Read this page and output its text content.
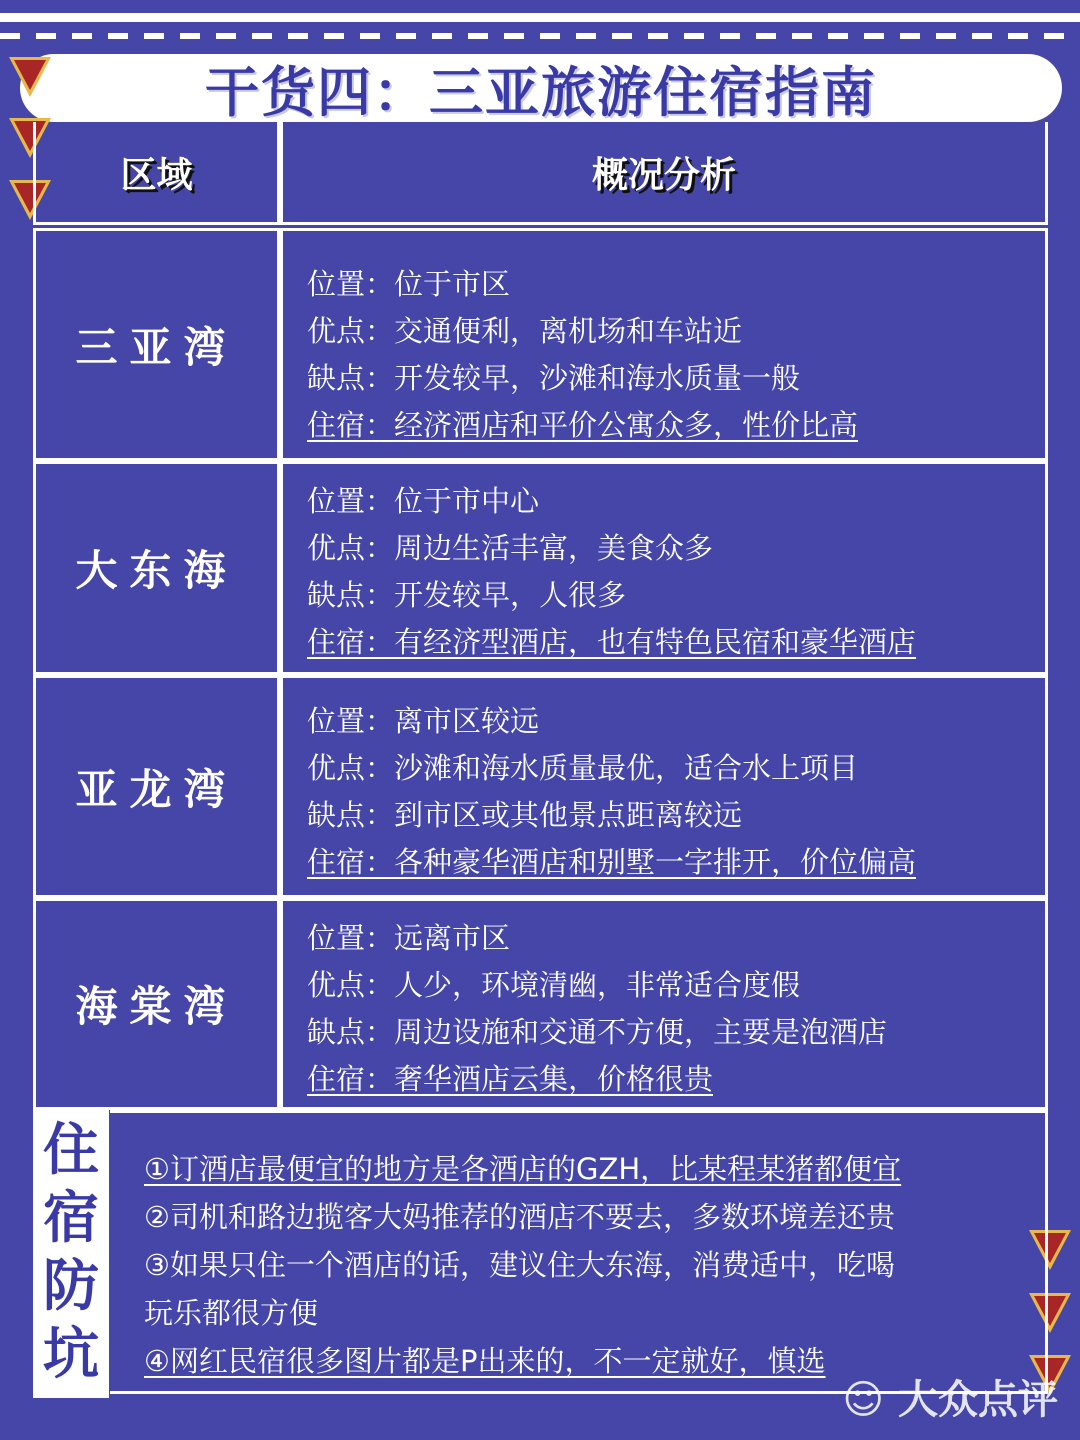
干货四：三亚旅游住宿指南
区域	概况分析
三亚湾
位置：位于市区
优点：交通便利，离机场和车站近
缺点：开发较早，沙滩和海水质量一般
住宿：经济酒店和平价公寓众多，性价比高
大东海
位置：位于市中心
优点：周边生活丰富，美食众多
缺点：开发较早，人很多
住宿：有经济型酒店，也有特色民宿和豪华酒店
亚龙湾
位置：离市区较远
优点：沙滩和海水质量最优，适合水上项目
缺点：到市区或其他景点距离较远
住宿：各种豪华酒店和别墅一字排开，价位偏高
海棠湾
位置：远离市区
优点：人少，环境清幽，非常适合度假
缺点：周边设施和交通不方便，主要是泡酒店
住宿：奢华酒店云集，价格很贵
住
宿
防
坑
①订酒店最便宜的地方是各酒店的GZH，比某程某猪都便宜
②司机和路边揽客大妈推荐的酒店不要去，多数环境差还贵
③如果只住一个酒店的话，建议住大东海，消费适中，吃喝
玩乐都很方便
④网红民宿很多图片都是P出来的，不一定就好，慎选
☺ 大众点评
